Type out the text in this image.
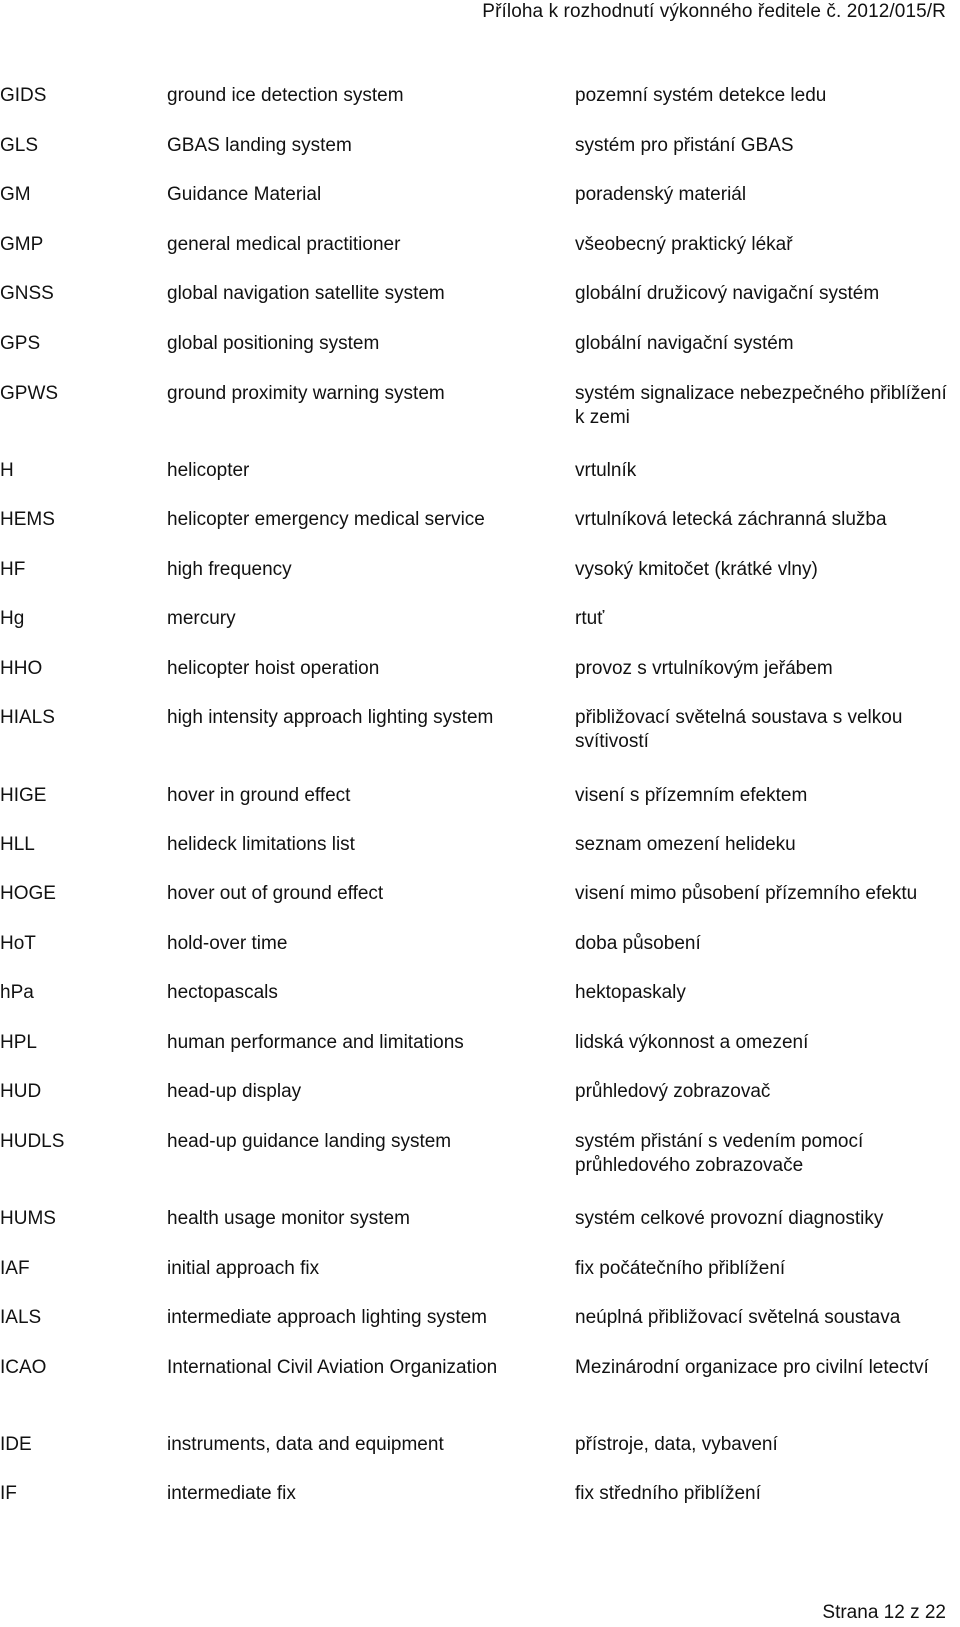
Příloha k rozhodnutí výkonného ředitele č. 2012/015/R
GIDS	ground ice detection system	pozemní systém detekce ledu
GLS	GBAS landing system	systém pro přistání GBAS
GM	Guidance Material	poradenský materiál
GMP	general medical practitioner	všeobecný praktický lékař
GNSS	global navigation satellite system	globální družicový navigační systém
GPS	global positioning system	globální navigační systém
GPWS	ground proximity warning system	systém signalizace nebezpečného přiblížení k zemi
H	helicopter	vrtulník
HEMS	helicopter emergency medical service	vrtulníková letecká záchranná služba
HF	high frequency	vysoký kmitočet (krátké vlny)
Hg	mercury	rtuť
HHO	helicopter hoist operation	provoz s vrtulníkovým jeřábem
HIALS	high intensity approach lighting system	přibližovací světelná soustava s velkou svítivostí
HIGE	hover in ground effect	visení s přízemním efektem
HLL	helideck limitations list	seznam omezení helideku
HOGE	hover out of ground effect	visení mimo působení přízemního efektu
HoT	hold-over time	doba působení
hPa	hectopascals	hektopaskaly
HPL	human performance and limitations	lidská výkonnost a omezení
HUD	head-up display	průhledový zobrazovač
HUDLS	head-up guidance landing system	systém přistání s vedením pomocí průhledového zobrazovače
HUMS	health usage monitor system	systém celkové provozní diagnostiky
IAF	initial approach fix	fix počátečního přiblížení
IALS	intermediate approach lighting system	neúplná přibližovací světelná soustava
ICAO	International Civil Aviation Organization	Mezinárodní organizace pro civilní letectví
IDE	instruments, data and equipment	přístroje, data, vybavení
IF	intermediate fix	fix středního přiblížení
Strana 12 z 22
